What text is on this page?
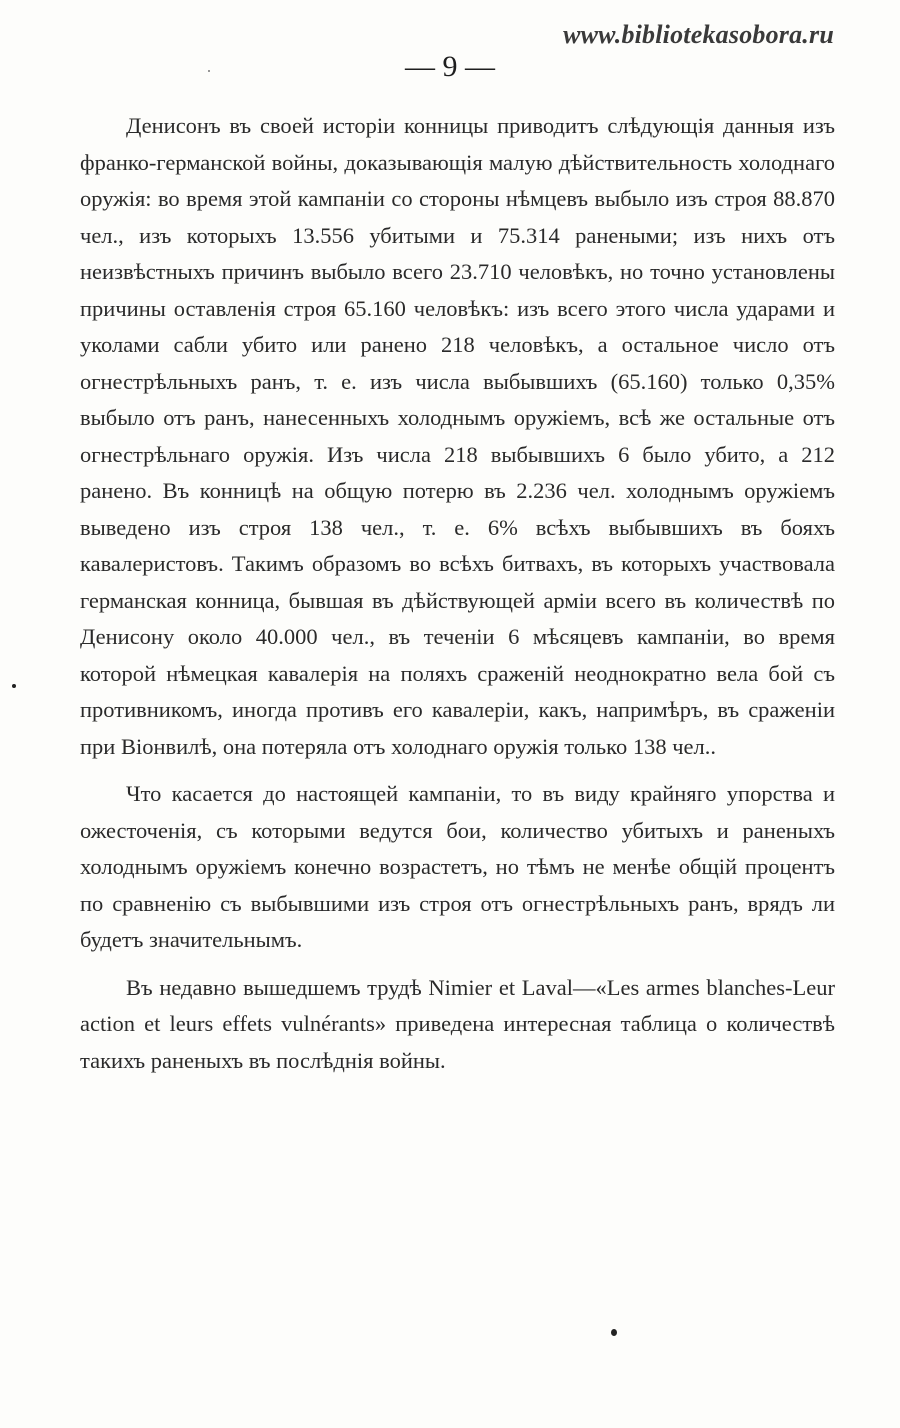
www.bibliotekasobora.ru
— 9 —

Денисонъ въ своей исторіи конницы приводитъ слѣдующія данныя изъ франко-германской войны, доказывающія малую дѣйствительность холоднаго оружія: во время этой кампаніи со стороны нѣмцевъ выбыло изъ строя 88.870 чел., изъ которыхъ 13.556 убитыми и 75.314 ранеными; изъ нихъ отъ неизвѣстныхъ причинъ выбыло всего 23.710 человѣкъ, но точно установлены причины оставленія строя 65.160 человѣкъ: изъ всего этого числа ударами и уколами сабли убито или ранено 218 человѣкъ, а остальное число отъ огнестрѣльныхъ ранъ, т. е. изъ числа выбывшихъ (65.160) только 0,35% выбыло отъ ранъ, нанесенныхъ холоднымъ оружіемъ, всѣ же остальные отъ огнестрѣльнаго оружія. Изъ числа 218 выбывшихъ 6 было убито, а 212 ранено. Въ конницѣ на общую потерю въ 2.236 чел. холоднымъ оружіемъ выведено изъ строя 138 чел., т. е. 6% всѣхъ выбывшихъ въ бояхъ кавалеристовъ. Такимъ образомъ во всѣхъ битвахъ, въ которыхъ участвовала германская конница, бывшая въ дѣйствующей арміи всего въ количествѣ по Денисону около 40.000 чел., въ теченіи 6 мѣсяцевъ кампаніи, во время которой нѣмецкая кавалерія на поляхъ сраженій неоднократно вела бой съ противникомъ, иногда противъ его кавалеріи, какъ, напримѣръ, въ сраженіи при Віонвилѣ, она потеряла отъ холоднаго оружія только 138 чел..

Что касается до настоящей кампаніи, то въ виду крайняго упорства и ожесточенія, съ которыми ведутся бои, количество убитыхъ и раненыхъ холоднымъ оружіемъ конечно возрастетъ, но тѣмъ не менѣе общій процентъ по сравненію съ выбывшими изъ строя отъ огнестрѣльныхъ ранъ, врядъ ли будетъ значительнымъ.

Въ недавно вышедшемъ трудѣ Nimier et Laval—«Les armes blanches-Leur action et leurs effets vulnérants» приведена интересная таблица о количествѣ такихъ раненыхъ въ послѣднія войны.
